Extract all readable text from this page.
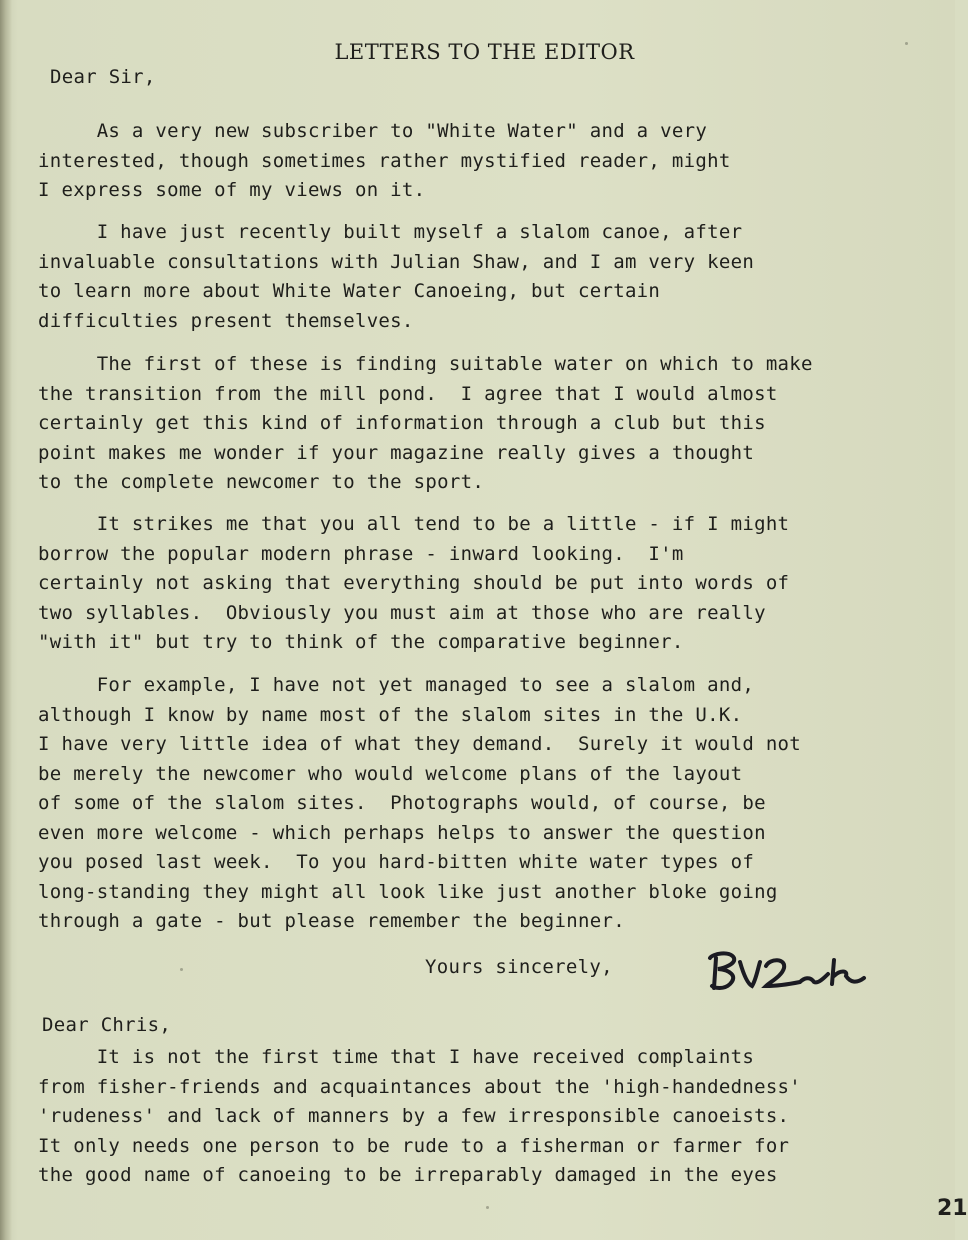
LETTERS TO THE EDITOR
Dear Sir,
As a very new subscriber to "White Water" and a very
interested, though sometimes rather mystified reader, might
I express some of my views on it.
I have just recently built myself a slalom canoe, after
invaluable consultations with Julian Shaw, and I am very keen
to learn more about White Water Canoeing, but certain
difficulties present themselves.
The first of these is finding suitable water on which to make
the transition from the mill pond.  I agree that I would almost
certainly get this kind of information through a club but this
point makes me wonder if your magazine really gives a thought
to the complete newcomer to the sport.
It strikes me that you all tend to be a little - if I might
borrow the popular modern phrase - inward looking.  I'm
certainly not asking that everything should be put into words of
two syllables.  Obviously you must aim at those who are really
"with it" but try to think of the comparative beginner.
For example, I have not yet managed to see a slalom and,
although I know by name most of the slalom sites in the U.K.
I have very little idea of what they demand.  Surely it would not
be merely the newcomer who would welcome plans of the layout
of some of the slalom sites.  Photographs would, of course, be
even more welcome - which perhaps helps to answer the question
you posed last week.  To you hard-bitten white water types of
long-standing they might all look like just another bloke going
through a gate - but please remember the beginner.
Yours sincerely,
Dear Chris,
It is not the first time that I have received complaints
from fisher-friends and acquaintances about the 'high-handedness'
'rudeness' and lack of manners by a few irresponsible canoeists.
It only needs one person to be rude to a fisherman or farmer for
the good name of canoeing to be irreparably damaged in the eyes
21
